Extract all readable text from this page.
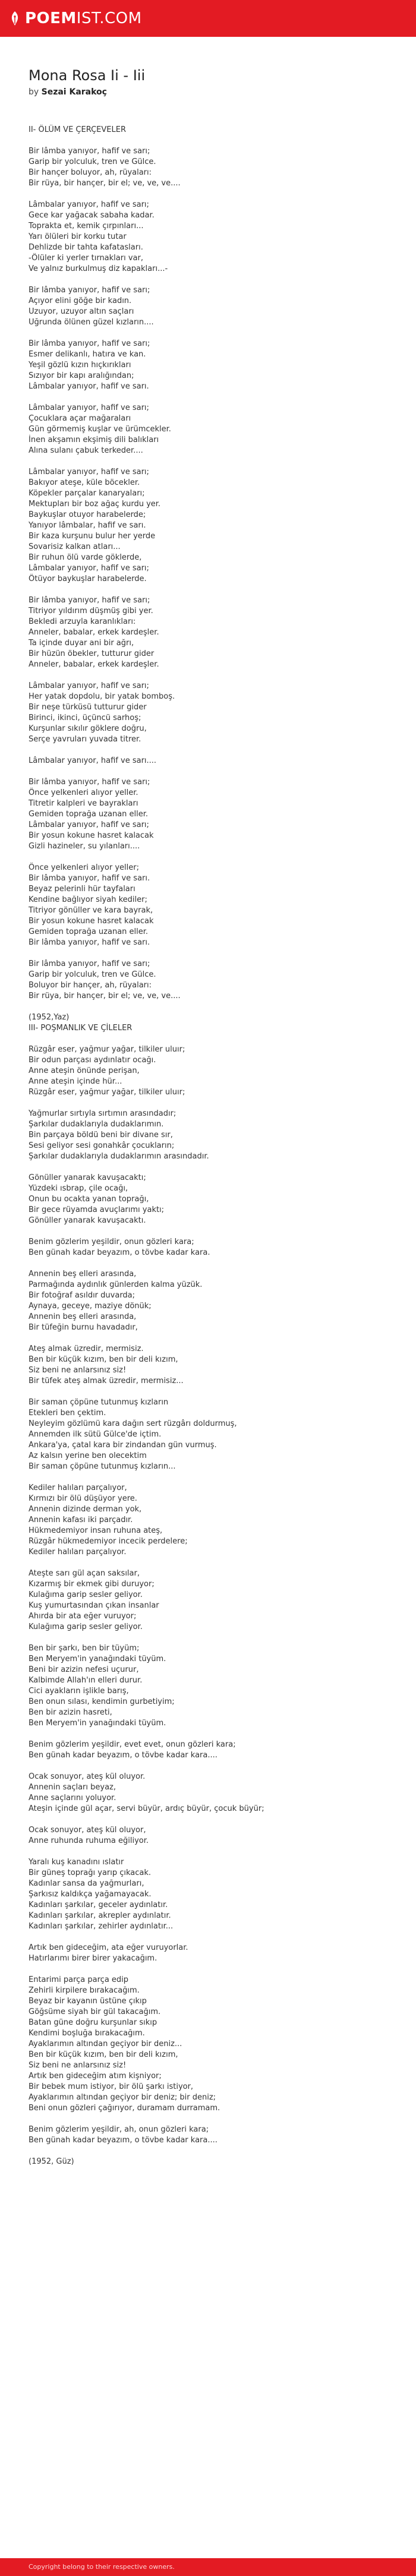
POEM IST.COM
Mona Rosa Ii - Iii
by Sezai Karakoç
II- ÖLÜM VE ÇERÇEVELER
Bir lâmba yanıyor, hafif ve sarı;
Garip bir yolculuk, tren ve Gülce.
Bir hançer boluyor, ah, rüyaları:
Bir rüya, bir hançer, bir el; ve, ve, ve....
Lâmbalar yanıyor, hafif ve sarı;
Gece kar yağacak sabaha kadar.
Toprakta et, kemik çırpınları...
Yarı ölüleri bir korku tutar
Dehlizde bir tahta kafatasları.
-Ölüler ki yerler tırnakları var,
Ve yalnız burkulmuş diz kapakları...-
Bir lâmba yanıyor, hafif ve sarı;
Açıyor elini göğe bir kadın.
Uzuyor, uzuyor altın saçları
Uğrunda ölünen güzel kızların....
Bir lâmba yanıyor, hafif ve sarı;
Esmer delikanlı, hatıra ve kan.
Yeşil gözlü kızın hıçkırıkları
Sızıyor bir kapı aralığından;
Lâmbalar yanıyor, hafif ve sarı.
Lâmbalar yanıyor, hafif ve sarı;
Çocuklara açar mağaraları
Gün görmemiş kuşlar ve ürümcekler.
İnen akşamın ekşimiş dili balıkları
Alına sulanı çabuk terkeder....
Lâmbalar yanıyor, hafif ve sarı;
Bakıyor ateşe, küle böcekler.
Köpekler parçalar kanaryaları;
Mektupları bir boz ağaç kurdu yer.
Baykuşlar otuyor harabelerde;
Yanıyor lâmbalar, hafif ve sarı.
Bir kaza kurşunu bulur her yerde
Sovarisiz kalkan atları...
Bir ruhun ölü varde göklerde,
Lâmbalar yanıyor, hafif ve sarı;
Ötüyor baykuşlar harabelerde.
Bir lâmba yanıyor, hafif ve sarı;
Titriyor yıldırım düşmüş gibi yer.
Bekledi arzuyla karanlıkları:
Anneler, babalar, erkek kardeşler.
Ta içinde duyar ani bir ağrı,
Bir hüzün öbekler, tutturur gider
Anneler, babalar, erkek kardeşler.
Lâmbalar yanıyor, hafif ve sarı;
Her yatak dopdolu, bir yatak bomboş.
Bir neşe türküsü tutturur gider
Birinci, ikinci, üçüncü sarhoş;
Kurşunlar sıkılır göklere doğru,
Serçe yavruları yuvada titrer.
Lâmbalar yanıyor, hafif ve sarı....
Bir lâmba yanıyor, hafif ve sarı;
Önce yelkenleri alıyor yeller.
Titretir kalpleri ve bayrakları
Gemiden toprağa uzanan eller.
Lâmbalar yanıyor, hafif ve sarı;
Bir yosun kokune hasret kalacak
Gizli hazineler, su yılanları....
Önce yelkenleri alıyor yeller;
Bir lâmba yanıyor, hafif ve sarı.
Beyaz pelerinli hür tayfaları
Kendine bağlıyor siyah kediler;
Titriyor gönüller ve kara bayrak,
Bir yosun kokune hasret kalacak
Gemiden toprağa uzanan eller.
Bir lâmba yanıyor, hafif ve sarı.
Bir lâmba yanıyor, hafif ve sarı;
Garip bir yolculuk, tren ve Gülce.
Boluyor bir hançer, ah, rüyaları:
Bir rüya, bir hançer, bir el; ve, ve, ve....
(1952,Yaz)
III- POŞMANLIK VE ÇİLELER
Rüzgâr eser, yağmur yağar, tilkiler uluır;
Bir odun parçası aydınlatır ocağı.
Anne ateşin önünde perişan,
Anne ateşin içinde hür...
Rüzgâr eser, yağmur yağar, tilkiler uluır;
Yağmurlar sırtıyla sırtımın arasındadır;
Şarkılar dudaklarıyla dudaklarımın.
Bin parçaya böldü beni bir divane sır,
Sesi geliyor sesi gonahkâr çocukların;
Şarkılar dudaklarıyla dudaklarımın arasındadır.
Gönüller yanarak kavuşacaktı;
Yüzdeki ısbrap, çile ocağı,
Onun bu ocakta yanan toprağı,
Bir gece rüyamda avuçlarımı yaktı;
Gönüller yanarak kavuşacaktı.
Benim gözlerim yeşildir, onun gözleri kara;
Ben günah kadar beyazım, o tövbe kadar kara.
Annenin beş elleri arasında,
Parmağında aydınlık günlerden kalma yüzük.
Bir fotoğraf asıldır duvarda;
Aynaya, geceye, maziye dönük;
Annenin beş elleri arasında,
Bir tüfeğin burnu havadadır,
Ateş almak üzredir, mermisiz.
Ben bir küçük kızım, ben bir deli kızım,
Siz beni ne anlarsınız siz!
Bir tüfek ateş almak üzredir, mermisiz...
Bir saman çöpüne tutunmuş kızların
Etekleri ben çektim.
Neyleyim gözlümü kara dağın sert rüzgârı doldurmuş,
Annemden ilk sütü Gülce'de içtim.
Ankara'ya, çatal kara bir zindandan gün vurmuş.
Az kalsın yerine ben olecektim
Bir saman çöpüne tutunmuş kızların...
Kediler halıları parçalıyor,
Kırmızı bir ölü düşüyor yere.
Annenin dizinde derman yok,
Annenin kafası iki parçadır.
Hükmedemiyor insan ruhuna ateş,
Rüzgâr hükmedemiyor incecik perdelere;
Kediler halıları parçalıyor.
Ateşte sarı gül açan saksılar,
Kızarmış bir ekmek gibi duruyor;
Kulağıma garip sesler geliyor.
Kuş yumurtasından çıkan insanlar
Ahırda bir ata eğer vuruyor;
Kulağıma garip sesler geliyor.
Ben bir şarkı, ben bir tüyüm;
Ben Meryem'in yanağındaki tüyüm.
Beni bir azizin nefesi uçurur,
Kalbimde Allah'ın elleri durur.
Cici ayakların işlikle barış,
Ben onun sılası, kendimin gurbetiyim;
Ben bir azizin hasreti,
Ben Meryem'in yanağındaki tüyüm.
Benim gözlerim yeşildir, evet evet, onun gözleri kara;
Ben günah kadar beyazım, o tövbe kadar kara....
Ocak sonuyor, ateş kül oluyor.
Annenin saçları beyaz,
Anne saçlarını yoluyor.
Ateşin içinde gül açar, servi büyür, ardıç büyür, çocuk büyür;
Ocak sonuyor, ateş kül oluyor,
Anne ruhunda ruhuma eğiliyor.
Yaralı kuş kanadını ıslatır
Bir güneş toprağı yarıp çıkacak.
Kadınlar sansa da yağmurları,
Şarkısız kaldıkça yağamayacak.
Kadınları şarkılar, geceler aydınlatır.
Kadınları şarkılar, akrepler aydınlatır.
Kadınları şarkılar, zehirler aydınlatır...
Artık ben gideceğim, ata eğer vuruyorlar.
Hatırlarımı birer birer yakacağım.
Entarimi parça parça edip
Zehirli kirpilere bırakacağım.
Beyaz bir kayanın üstüne çıkıp
Göğsüme siyah bir gül takacağım.
Batan güne doğru kurşunlar sıkıp
Kendimi boşluğa bırakacağım.
Ayaklarımın altından geçiyor bir deniz...
Ben bir küçük kızım, ben bir deli kızım,
Siz beni ne anlarsınız siz!
Artık ben gideceğim atım kişniyor;
Bir bebek mum istiyor, bir ölü şarkı istiyor,
Ayaklarımın altından geçiyor bir deniz; bir deniz;
Beni onun gözleri çağırıyor, duramam durramam.
Benim gözlerim yeşildir, ah, onun gözleri kara;
Ben günah kadar beyazım, o tövbe kadar kara....
(1952, Güz)
Copyright belong to their respective owners.
